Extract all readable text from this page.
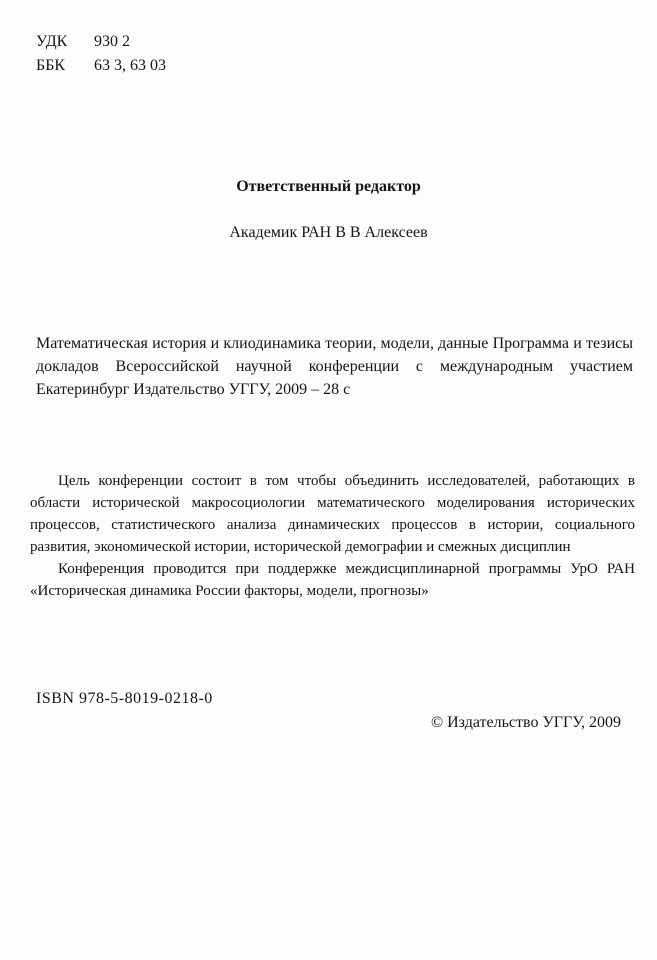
УДК	930 2
ББК	63 3, 63 03
Ответственный редактор
Академик РАН В В Алексеев
Математическая история и клиодинамика теории, модели, данные Программа и тезисы докладов Всероссийской научной конференции с международным участием Екатеринбург Издательство УГГУ, 2009 – 28 с

Цель конференции состоит в том чтобы объединить исследователей, работающих в области исторической макросоциологии математического моделирования исторических процессов, статистического анализа динамических процессов в истории, социального развития, экономической истории, исторической демографии и смежных дисциплин

Конференция проводится при поддержке междисциплинарной программы УрО РАН «Историческая динамика России факторы, модели, прогнозы»

ISBN 978-5-8019-0218-0
© Издательство УГГУ, 2009
